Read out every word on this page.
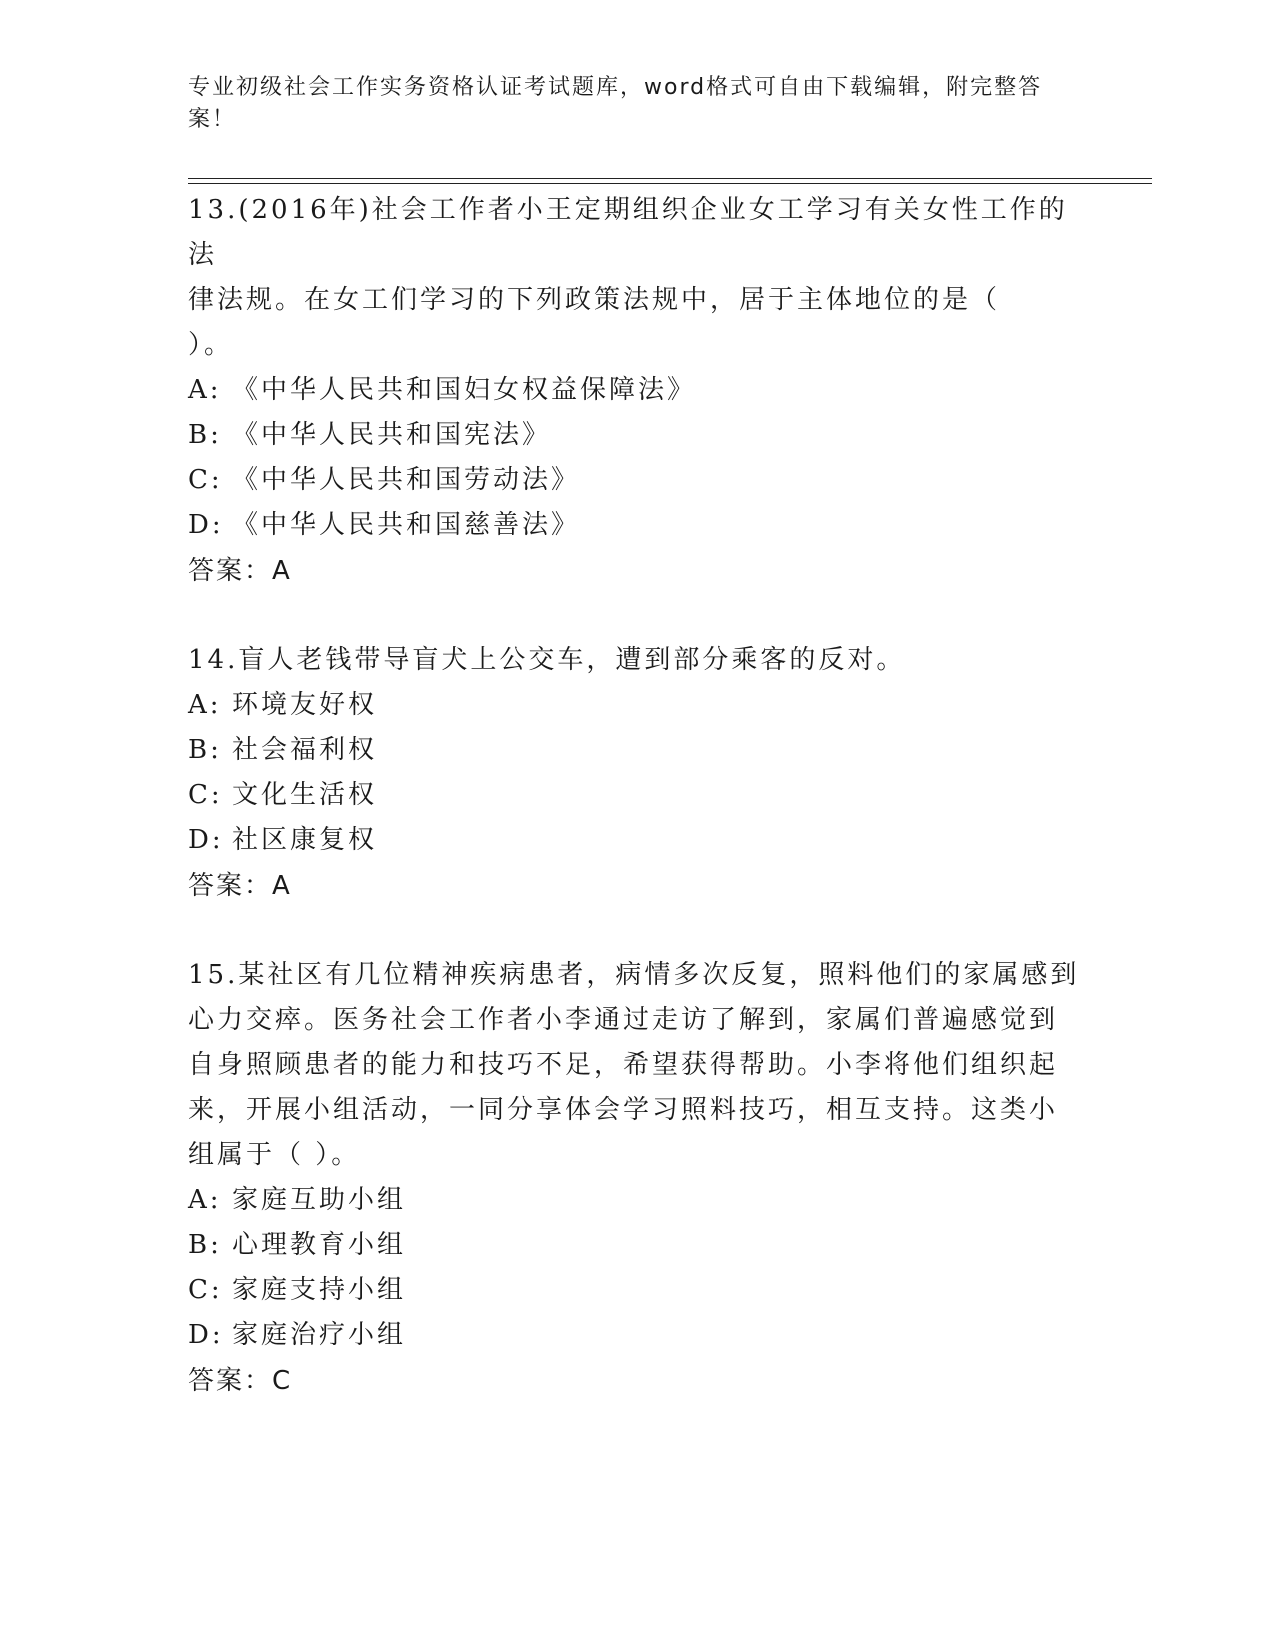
专业初级社会工作实务资格认证考试题库，word格式可自由下载编辑，附完整答
案！

13.(2016年)社会工作者小王定期组织企业女工学习有关女性工作的法

律法规。在女工们学习的下列政策法规中，居于主体地位的是（

）。

A: 《中华人民共和国妇女权益保障法》
B: 《中华人民共和国宪法》
C: 《中华人民共和国劳动法》
D: 《中华人民共和国慈善法》

答案：A

14.盲人老钱带导盲犬上公交车，遭到部分乘客的反对。

A: 环境友好权
B: 社会福利权
C: 文化生活权
D: 社区康复权

答案：A

15.某社区有几位精神疾病患者，病情多次反复，照料他们的家属感到

心力交瘁。医务社会工作者小李通过走访了解到，家属们普遍感觉到

自身照顾患者的能力和技巧不足，希望获得帮助。小李将他们组织起

来，开展小组活动，一同分享体会学习照料技巧，相互支持。这类小

组属于（ ）。

A: 家庭互助小组
B: 心理教育小组
C: 家庭支持小组
D: 家庭治疗小组

答案：C
